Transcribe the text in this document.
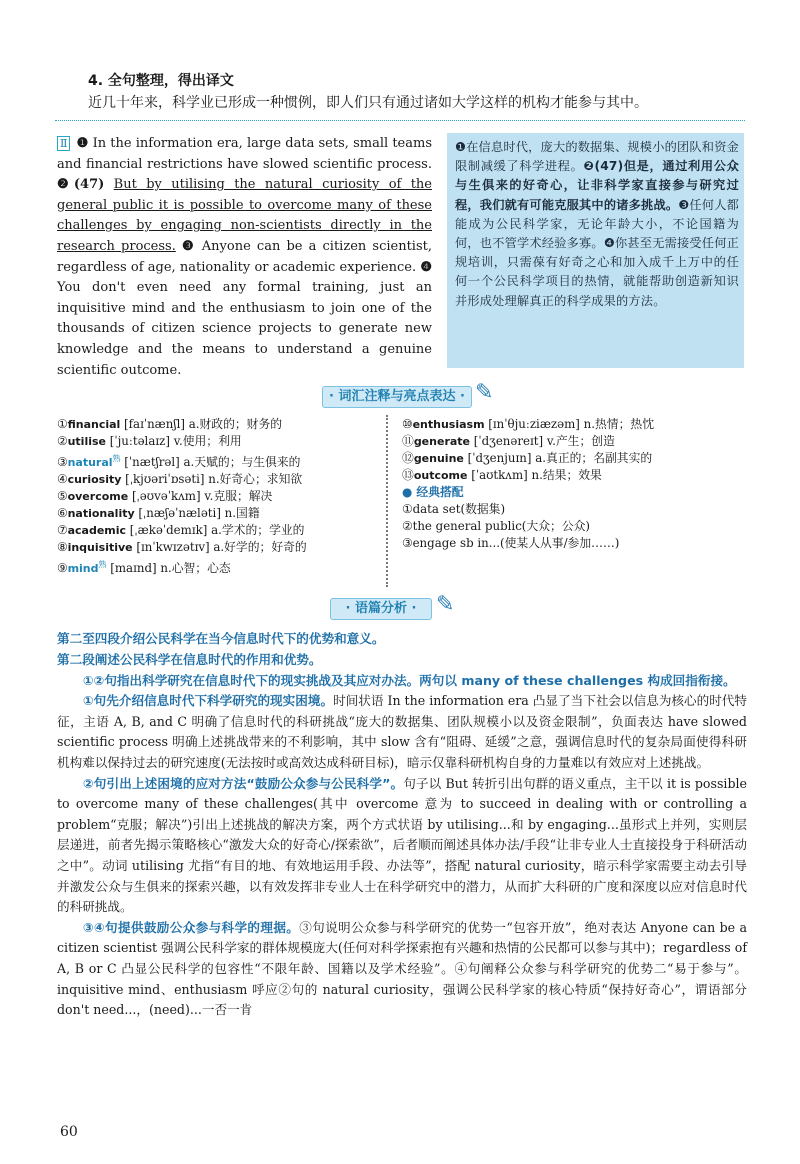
4. 全句整理，得出译文
近几十年来，科学业已形成一种惯例，即人们只有通过诸如大学这样的机构才能参与其中。
Ⅱ ❶ In the information era, large data sets, small teams and financial restrictions have slowed scientific process. ❷(47) But by utilising the natural curiosity of the general public it is possible to overcome many of these challenges by engaging non-scientists directly in the research process. ❸ Anyone can be a citizen scientist, regardless of age, nationality or academic experience. ❹ You don't even need any formal training, just an inquisitive mind and the enthusiasm to join one of the thousands of citizen science projects to generate new knowledge and the means to understand a genuine scientific outcome.
❶在信息时代，庞大的数据集、规模小的团队和资金限制减缓了科学进程。❷(47)但是，通过利用公众与生俱来的好奇心，让非科学家直接参与研究过程，我们就有可能克服其中的诸多挑战。❸任何人都能成为公民科学家，无论年龄大小，不论国籍为何，也不管学术经验多寡。❹你甚至无需接受任何正规培训，只需葆有好奇之心和加入成千上万中的任何一个公民科学项目的热情，就能帮助创造新知识并形成处理解真正的科学成果的方法。
· 词汇注释与亮点表达 · ✎
①financial [faɪˈnænʃl] a.财政的；财务的
②utilise [ˈjuːtəlaɪz] v.使用；利用
③natural$^熟$ [ˈnætʃrəl] a.天赋的；与生俱来的
④curiosity [ˌkjʊəriˈɒsəti] n.好奇心；求知欲
⑤overcome [ˌəʊvəˈkʌm] v.克服；解决
⑥nationality [ˌnæʃəˈnæləti] n.国籍
⑦academic [ˌækəˈdemɪk] a.学术的；学业的
⑧inquisitive [ɪnˈkwɪzətɪv] a.好学的；好奇的
⑨mind$^熟$ [maɪnd] n.心智；心态
⑩enthusiasm [ɪnˈθjuːziæzəm] n.热情；热忱
⑪generate [ˈdʒenəreɪt] v.产生；创造
⑫genuine [ˈdʒenjuɪn] a.真正的；名副其实的
⑬outcome [ˈaʊtkʌm] n.结果；效果
● 经典搭配
①data set(数据集)
②the general public(大众；公众)
③engage sb in...(使某人从事/参加……)
· 语篇分析 · ✎
第二至四段介绍公民科学在当今信息时代下的优势和意义。

第二段阐述公民科学在信息时代的作用和优势。

①②句指出科学研究在信息时代下的现实挑战及其应对办法。两句以 many of these challenges 构成回指衔接。

①句先介绍信息时代下科学研究的现实困境。时间状语 In the information era 凸显了当下社会以信息为核心的时代特征，主语 A, B, and C 明确了信息时代的科研挑战“庞大的数据集、团队规模小以及资金限制”，负面表达 have slowed scientific process 明确上述挑战带来的不利影响，其中 slow 含有“阻碍、延缓”之意，强调信息时代的复杂局面使得科研机构难以保持过去的研究速度(无法按时或高效达成科研目标)，暗示仅靠科研机构自身的力量难以有效应对上述挑战。

②句引出上述困境的应对方法“鼓励公众参与公民科学”。句子以 But 转折引出句群的语义重点，主干以 it is possible to overcome many of these challenges(其中 overcome 意为 to succeed in dealing with or controlling a problem“克服；解决”)引出上述挑战的解决方案，两个方式状语 by utilising...和 by engaging...虽形式上并列，实则层层递进，前者先揭示策略核心“激发大众的好奇心/探索欲”，后者顺而阐述具体办法/手段“让非专业人士直接投身于科研活动之中”。动词 utilising 尤指“有目的地、有效地运用手段、办法等”，搭配 natural curiosity，暗示科学家需要主动去引导并激发公众与生俱来的探索兴趣，以有效发挥非专业人士在科学研究中的潜力，从而扩大科研的广度和深度以应对信息时代的科研挑战。

③④句提供鼓励公众参与科学的理据。③句说明公众参与科学研究的优势一“包容开放”，绝对表达 Anyone can be a citizen scientist 强调公民科学家的群体规模庞大(任何对科学探索抱有兴趣和热情的公民都可以参与其中)；regardless of A, B or C 凸显公民科学的包容性“不限年龄、国籍以及学术经验”。④句阐释公众参与科学研究的优势二“易于参与”。inquisitive mind、enthusiasm 呼应②句的 natural curiosity，强调公民科学家的核心特质“保持好奇心”，谓语部分 don't need...，(need)...一否一肯

60
